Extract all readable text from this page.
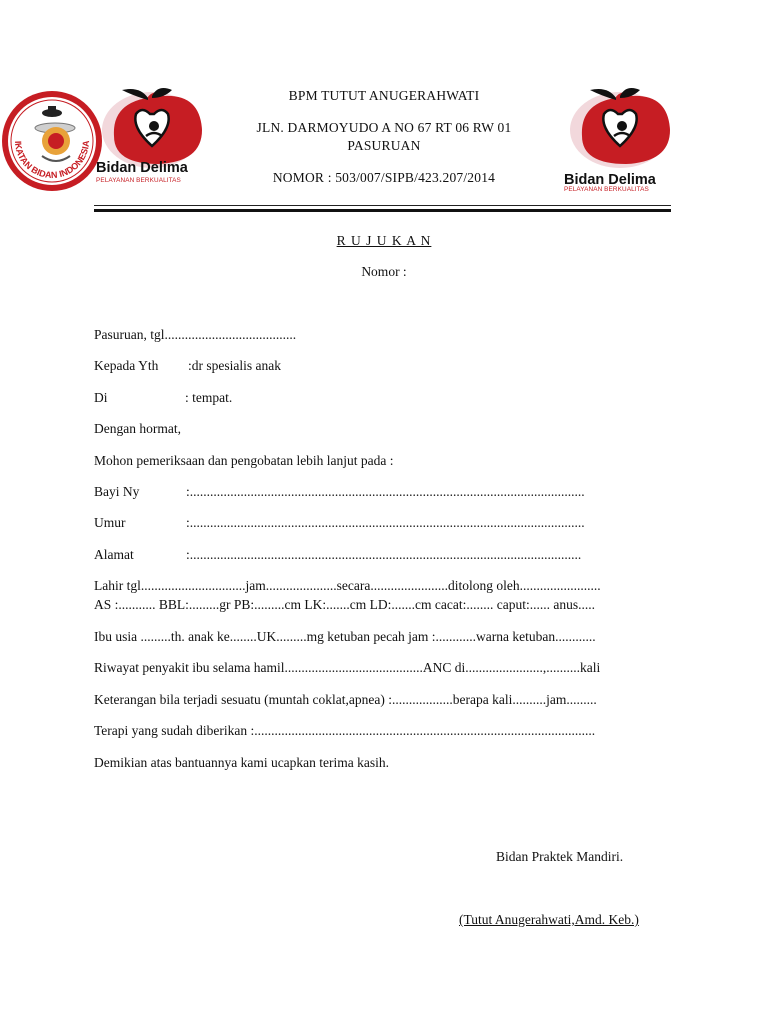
IKATAN BIDAN INDONESIA
Bidan Delima
PELAYANAN BERKUALITAS	Bidan Delima
PELAYANAN BERKUALITAS
BPM TUTUT ANUGERAHWATI
JLN. DARMOYUDO A NO 67 RT 06 RW 01
PASURUAN
NOMOR : 503/007/SIPB/423.207/2014
R U J U K A N
Nomor :
Pasuruan, tgl.......................................
Kepada Yth :dr spesialis anak
Di	: tempat.
Dengan hormat,
Mohon pemeriksaan dan pengobatan lebih lanjut pada :
Bayi Ny	:.....................................................................................................................
Umur	:.....................................................................................................................
Alamat	:....................................................................................................................
Lahir tgl...............................jam.....................secara.......................ditolong oleh........................
AS :........... BBL:.........gr PB:.........cm LK:.......cm LD:.......cm cacat:........ caput:...... anus.....
Ibu usia .........th. anak ke........UK.........mg ketuban pecah jam :............warna ketuban............
Riwayat penyakit ibu selama hamil.........................................ANC di.......................,..........kali
Keterangan bila terjadi sesuatu (muntah coklat,apnea) :..................berapa kali..........jam.........
Terapi yang sudah diberikan :.....................................................................................................
Demikian atas bantuannya kami ucapkan terima kasih.
Bidan Praktek Mandiri.
(Tutut Anugerahwati,Amd. Keb.)
